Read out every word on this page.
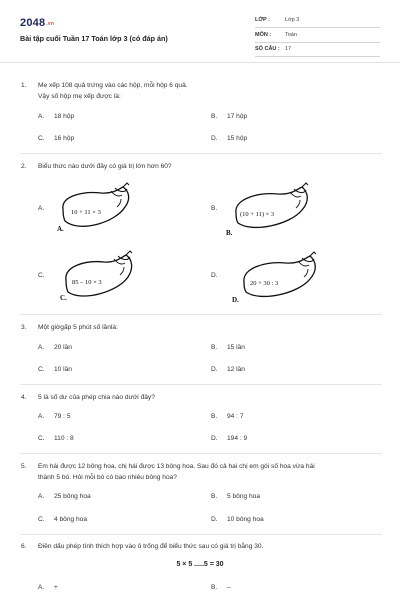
$2048^{.vn}$
Bài tập cuối Tuần 17 Toán lớp 3 (có đáp án)
LỚP :	Lớp 3
MÔN :	Toán
SỐ CÂU : 17
1. Mẹ xếp 108 quả trứng vào các hộp, mỗi hộp 6 quả.
Vậy số hộp mẹ xếp được là:
A. 18 hộp	B. 17 hộp
C. 16 hộp	D. 15 hộp
2. Biểu thức nào dưới đây có giá trị lớn hơn 60?
A.	B.
C.	D.
10 + 11 × 3
A.
(10 + 11) × 3
B.
85 – 10 × 3
C.
20 + 30 : 3
D.
3. Một giờgấp 5 phút số lầnlà:
A. 20 lần	B. 15 lần
C. 10 lần	D. 12 lần
4. 5 là số dư của phép chia nào dưới đây?
A. 79 : 5	B. 94 : 7
C. 110 : 8	D. 194 : 9
5. Em hái được 12 bông hoa, chị hái được 13 bông hoa. Sau đó cả hai chị em gói số hoa vừa hái
thành 5 bó. Hỏi mỗi bó có bao nhiêu bông hoa?
A. 25 bông hoa	B. 5 bông hoa
C. 4 bông hoa	D. 10 bông hoa
6. Điền dấu phép tính thích hợp vào ô trống để biểu thức sau có giá trị bằng 30.
5 × 5 .....5 = 30
A. +	B. –
